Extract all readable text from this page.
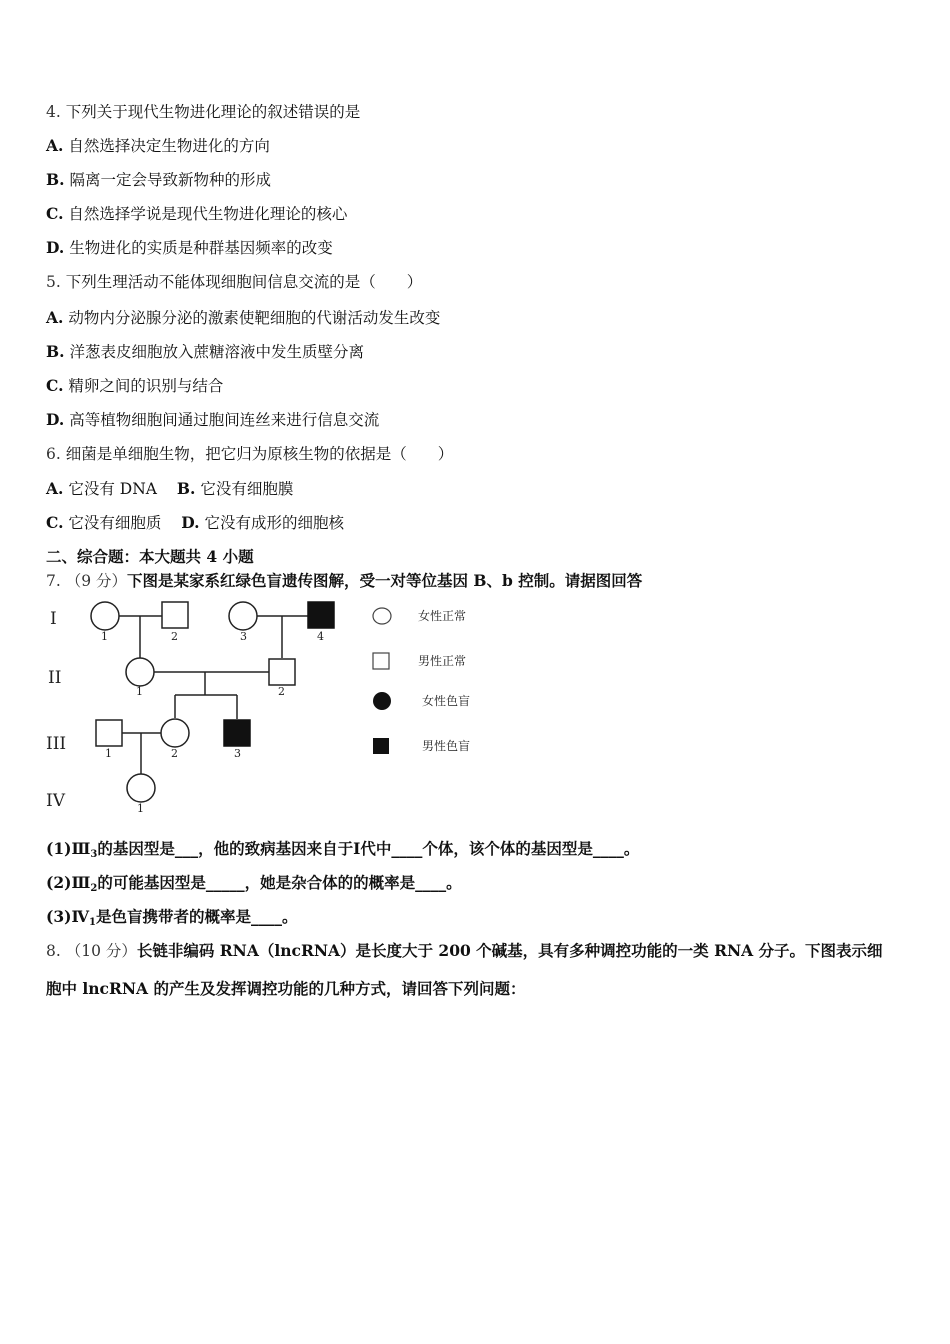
4. 下列关于现代生物进化理论的叙述错误的是
A. 自然选择决定生物进化的方向
B. 隔离一定会导致新物种的形成
C. 自然选择学说是现代生物进化理论的核心
D. 生物进化的实质是种群基因频率的改变
5. 下列生理活动不能体现细胞间信息交流的是（　　）
A. 动物内分泌腺分泌的激素使靶细胞的代谢活动发生改变
B. 洋葱表皮细胞放入蔗糖溶液中发生质壁分离
C. 精卵之间的识别与结合
D. 高等植物细胞间通过胞间连丝来进行信息交流
6. 细菌是单细胞生物，把它归为原核生物的依据是（　　）
A. 它没有 DNA B. 它没有细胞膜
C. 它没有细胞质 D. 它没有成形的细胞核
二、综合题：本大题共 4 小题
7. （9 分）下图是某家系红绿色盲遗传图解，受一对等位基因 B、b 控制。请据图回答
I
II
III
IV
1	2	3	4
1	2
1	2	3
1
女性正常
男性正常
女性色盲
男性色盲
$(1)Ⅲ_3$的基因型是___，他的致病基因来自于Ⅰ代中____个体，该个体的基因型是____。
$(2)Ⅲ_2$的可能基因型是_____，她是杂合体的的概率是____。
$(3)Ⅳ_1$是色盲携带者的概率是____。
8. （10 分）长链非编码 RNA（lncRNA）是长度大于 200 个碱基，具有多种调控功能的一类 RNA 分子。下图表示细
胞中 lncRNA 的产生及发挥调控功能的几种方式，请回答下列问题：
